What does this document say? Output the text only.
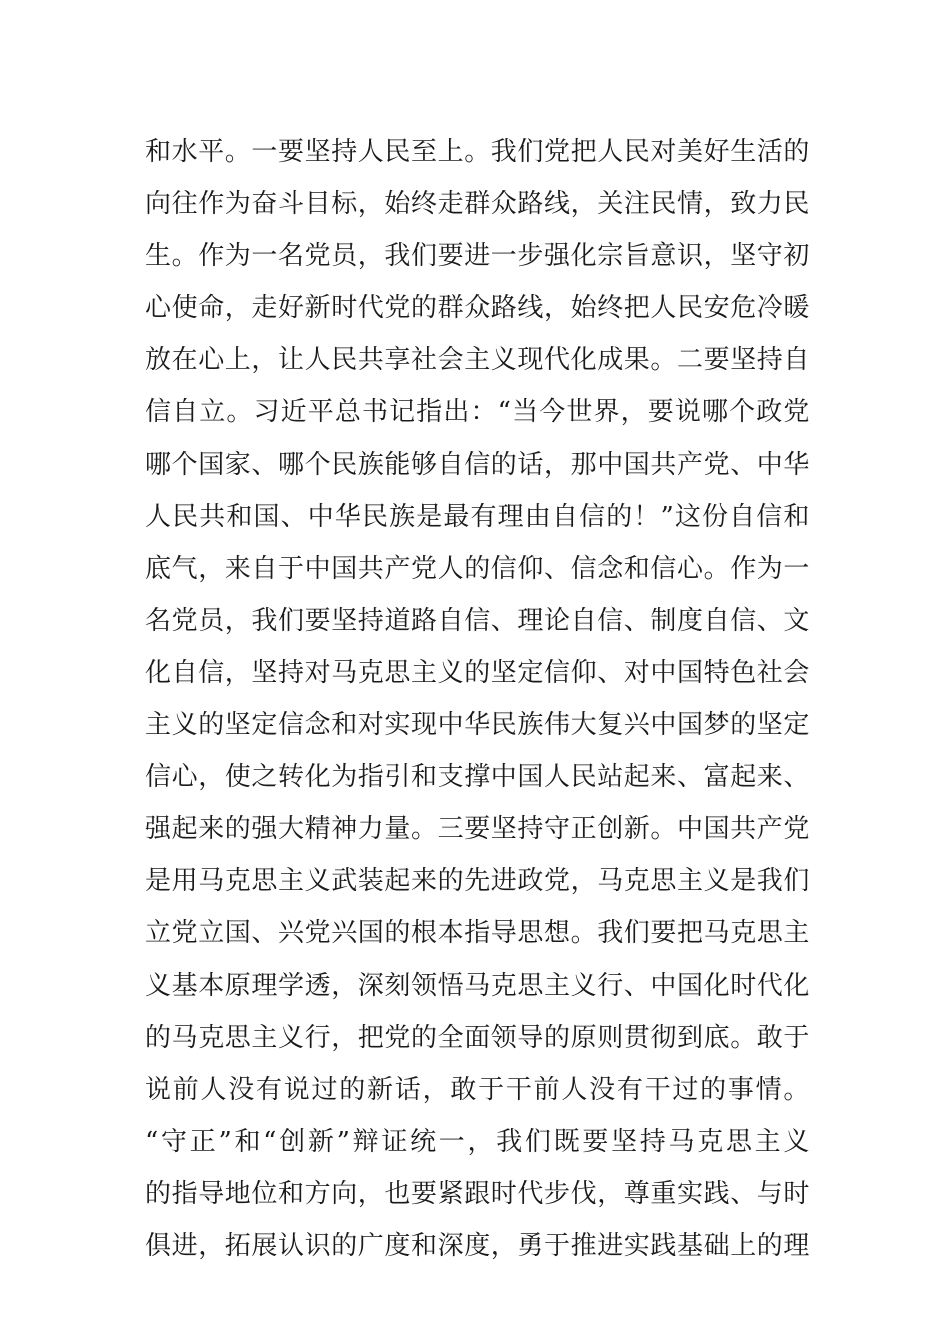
和水平。一要坚持人民至上。我们党把人民对美好生活的
向往作为奋斗目标，始终走群众路线，关注民情，致力民
生。作为一名党员，我们要进一步强化宗旨意识，坚守初
心使命，走好新时代党的群众路线，始终把人民安危冷暖
放在心上，让人民共享社会主义现代化成果。二要坚持自
信自立。习近平总书记指出：“当今世界，要说哪个政党
哪个国家、哪个民族能够自信的话，那中国共产党、中华
人民共和国、中华民族是最有理由自信的！”这份自信和
底气，来自于中国共产党人的信仰、信念和信心。作为一
名党员，我们要坚持道路自信、理论自信、制度自信、文
化自信，坚持对马克思主义的坚定信仰、对中国特色社会
主义的坚定信念和对实现中华民族伟大复兴中国梦的坚定
信心，使之转化为指引和支撑中国人民站起来、富起来、
强起来的强大精神力量。三要坚持守正创新。中国共产党
是用马克思主义武装起来的先进政党，马克思主义是我们
立党立国、兴党兴国的根本指导思想。我们要把马克思主
义基本原理学透，深刻领悟马克思主义行、中国化时代化
的马克思主义行，把党的全面领导的原则贯彻到底。敢于
说前人没有说过的新话，敢于干前人没有干过的事情。
“守正”和“创新”辩证统一，我们既要坚持马克思主义
的指导地位和方向，也要紧跟时代步伐，尊重实践、与时
俱进，拓展认识的广度和深度，勇于推进实践基础上的理
